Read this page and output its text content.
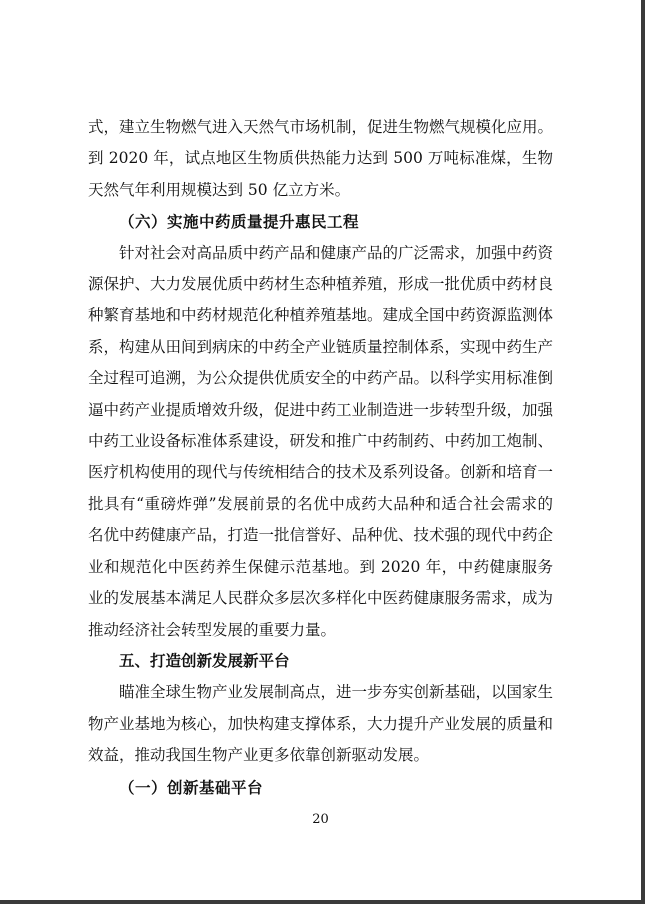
式，建立生物燃气进入天然气市场机制，促进生物燃气规模化应用。到 2020 年，试点地区生物质供热能力达到 500 万吨标准煤，生物天然气年利用规模达到 50 亿立方米。

（六）实施中药质量提升惠民工程

针对社会对高品质中药产品和健康产品的广泛需求，加强中药资源保护、大力发展优质中药材生态种植养殖，形成一批优质中药材良种繁育基地和中药材规范化种植养殖基地。建成全国中药资源监测体系，构建从田间到病床的中药全产业链质量控制体系，实现中药生产全过程可追溯，为公众提供优质安全的中药产品。以科学实用标准倒逼中药产业提质增效升级，促进中药工业制造进一步转型升级，加强中药工业设备标准体系建设，研发和推广中药制药、中药加工炮制、医疗机构使用的现代与传统相结合的技术及系列设备。创新和培育一批具有“重磅炸弹”发展前景的名优中成药大品种和适合社会需求的名优中药健康产品，打造一批信誉好、品种优、技术强的现代中药企业和规范化中医药养生保健示范基地。到 2020 年，中药健康服务业的发展基本满足人民群众多层次多样化中医药健康服务需求，成为推动经济社会转型发展的重要力量。

五、打造创新发展新平台

瞄准全球生物产业发展制高点，进一步夯实创新基础，以国家生物产业基地为核心，加快构建支撑体系，大力提升产业发展的质量和效益，推动我国生物产业更多依靠创新驱动发展。

（一）创新基础平台

20
